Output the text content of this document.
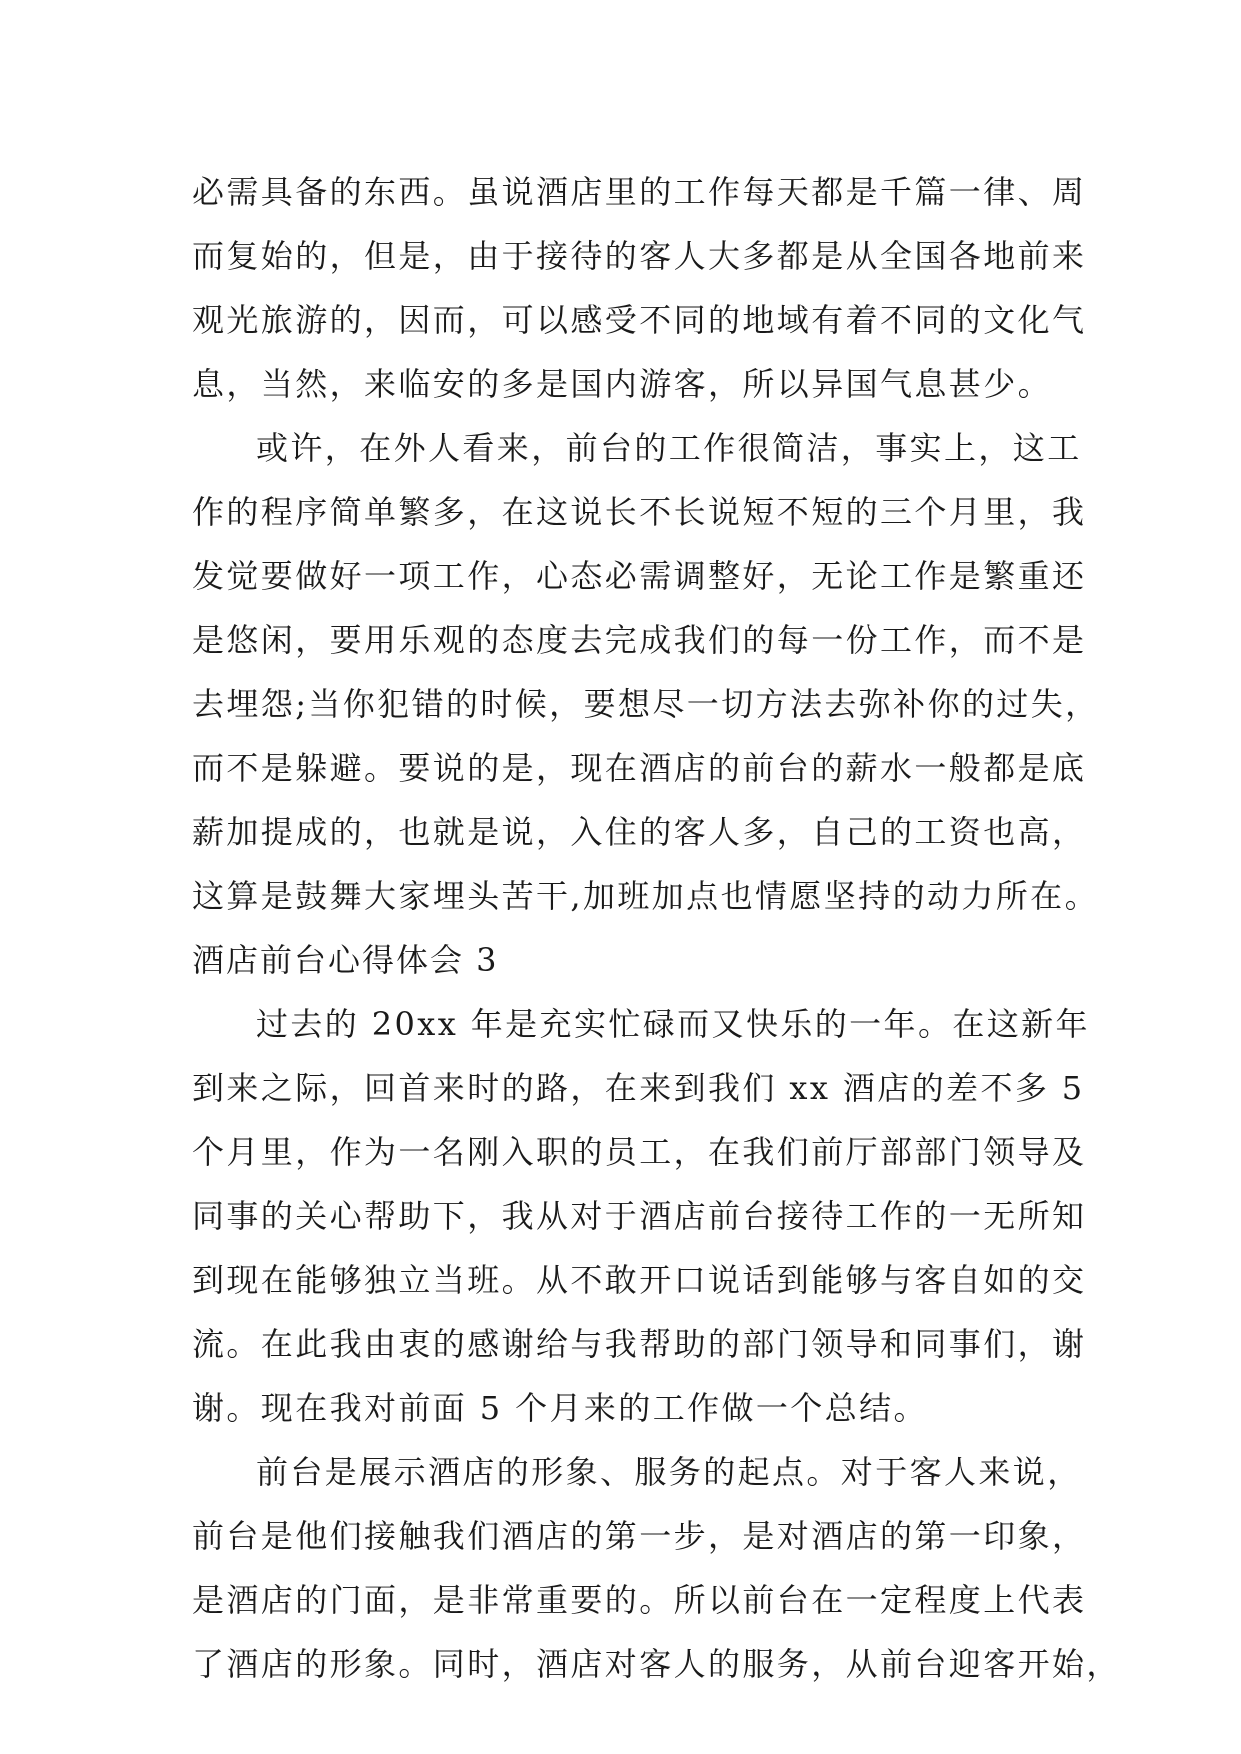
必需具备的东西。虽说酒店里的工作每天都是千篇一律、周
而复始的，但是，由于接待的客人大多都是从全国各地前来
观光旅游的，因而，可以感受不同的地域有着不同的文化气
息，当然，来临安的多是国内游客，所以异国气息甚少。
或许，在外人看来，前台的工作很简洁，事实上，这工
作的程序简单繁多，在这说长不长说短不短的三个月里，我
发觉要做好一项工作，心态必需调整好，无论工作是繁重还
是悠闲，要用乐观的态度去完成我们的每一份工作，而不是
去埋怨;当你犯错的时候，要想尽一切方法去弥补你的过失，
而不是躲避。要说的是，现在酒店的前台的薪水一般都是底
薪加提成的，也就是说，入住的客人多，自己的工资也高，
这算是鼓舞大家埋头苦干,加班加点也情愿坚持的动力所在。
酒店前台心得体会 3
过去的 20xx 年是充实忙碌而又快乐的一年。在这新年
到来之际，回首来时的路，在来到我们 xx 酒店的差不多 5
个月里，作为一名刚入职的员工，在我们前厅部部门领导及
同事的关心帮助下，我从对于酒店前台接待工作的一无所知
到现在能够独立当班。从不敢开口说话到能够与客自如的交
流。在此我由衷的感谢给与我帮助的部门领导和同事们，谢
谢。现在我对前面 5 个月来的工作做一个总结。
前台是展示酒店的形象、服务的起点。对于客人来说，
前台是他们接触我们酒店的第一步，是对酒店的第一印象，
是酒店的门面，是非常重要的。所以前台在一定程度上代表
了酒店的形象。同时，酒店对客人的服务，从前台迎客开始，
